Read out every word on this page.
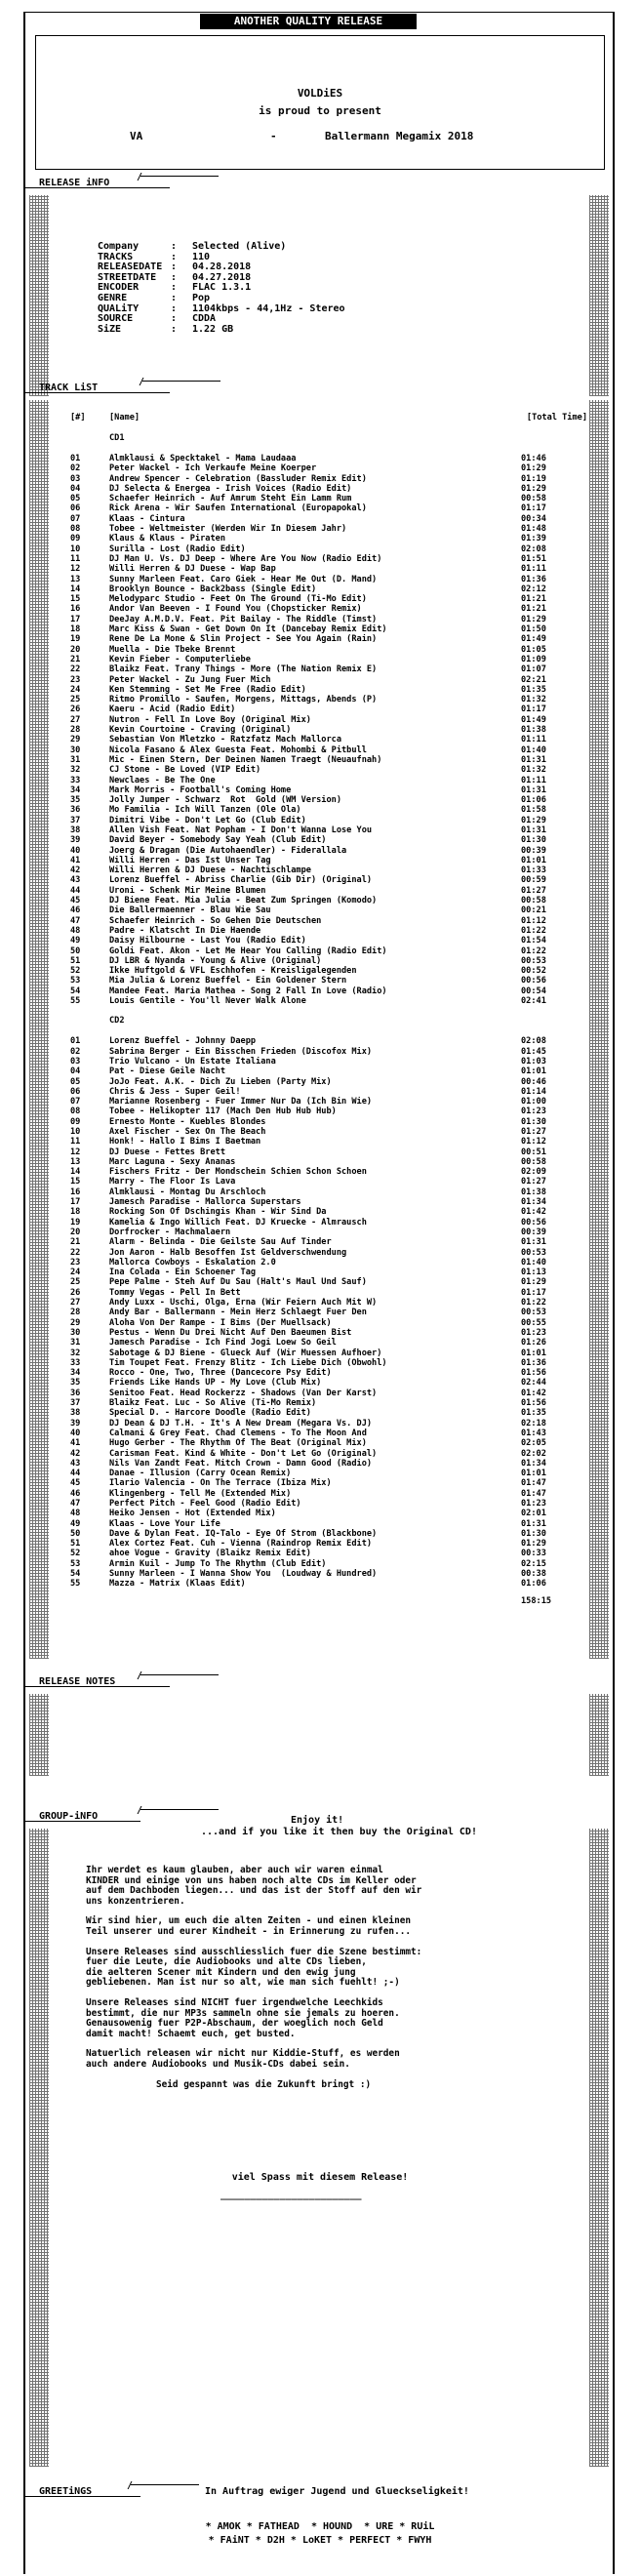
ANOTHER QUALITY RELEASE
VOLDiES
is proud to present
VA	-	Ballermann Megamix 2018
RELEASE iNFO
/
Company	: Selected (Alive)
TRACKS	: 110
RELEASEDATE : 04.28.2018
STREETDATE : 04.27.2018
ENCODER	: FLAC 1.3.1
GENRE	: Pop
QUALiTY	: 1104kbps - 44,1Hz - Stereo
SOURCE	: CDDA
SiZE	: 1.22 GB
TRACK LiST
/
[#]	[Name]	[Total Time]
CD1
01	Almklausi & Specktakel - Mama Laudaaa	01:46
02	Peter Wackel - Ich Verkaufe Meine Koerper	01:29
03	Andrew Spencer - Celebration (Bassluder Remix Edit)	01:19
04	DJ Selecta & Energea - Irish Voices (Radio Edit)	01:29
05	Schaefer Heinrich - Auf Amrum Steht Ein Lamm Rum	00:58
06	Rick Arena - Wir Saufen International (Europapokal)	01:17
07	Klaas - Cintura	00:34
08	Tobee - Weltmeister (Werden Wir In Diesem Jahr)	01:48
09	Klaus & Klaus - Piraten	01:39
10	Surilla - Lost (Radio Edit)	02:08
11	DJ Man U. Vs. DJ Deep - Where Are You Now (Radio Edit)	01:51
12	Willi Herren & DJ Duese - Wap Bap	01:11
13	Sunny Marleen Feat. Caro Giek - Hear Me Out (D. Mand)	01:36
14	Brooklyn Bounce - Back2bass (Single Edit)	02:12
15	Melodyparc Studio - Feet On The Ground (Ti-Mo Edit)	01:21
16	Andor Van Beeven - I Found You (Chopsticker Remix)	01:21
17	DeeJay A.M.D.V. Feat. Pit Bailay - The Riddle (Timst)	01:29
18	Marc Kiss & Swan - Get Down On It (Dancebay Remix Edit)	01:50
19	Rene De La Mone & Slin Project - See You Again (Rain)	01:49
20	Muella - Die Tbeke Brennt	01:05
21	Kevin Fieber - Computerliebe	01:09
22	Blaikz Feat. Trany Things - More (The Nation Remix E)	01:07
23	Peter Wackel - Zu Jung Fuer Mich	02:21
24	Ken Stemming - Set Me Free (Radio Edit)	01:35
25	Ritmo Promillo - Saufen, Morgens, Mittags, Abends (P)	01:32
26	Kaeru - Acid (Radio Edit)	01:17
27	Nutron - Fell In Love Boy (Original Mix)	01:49
28	Kevin Courtoine - Craving (Original)	01:38
29	Sebastian Von Mletzko - Ratzfatz Mach Mallorca	01:11
30	Nicola Fasano & Alex Guesta Feat. Mohombi & Pitbull	01:40
31	Mic - Einen Stern, Der Deinen Namen Traegt (Neuaufnah)	01:31
32	CJ Stone - Be Loved (VIP Edit)	01:32
33	Newclaes - Be The One	01:11
34	Mark Morris - Football's Coming Home	01:31
35	Jolly Jumper - Schwarz  Rot  Gold (WM Version)	01:06
36	Mo Familia - Ich Will Tanzen (Ole Ola)	01:58
37	Dimitri Vibe - Don't Let Go (Club Edit)	01:29
38	Allen Vish Feat. Nat Popham - I Don't Wanna Lose You	01:31
39	David Beyer - Somebody Say Yeah (Club Edit)	01:30
40	Joerg & Dragan (Die Autohaendler) - Fiderallala	00:39
41	Willi Herren - Das Ist Unser Tag	01:01
42	Willi Herren & DJ Duese - Nachtischlampe	01:33
43	Lorenz Bueffel - Abriss Charlie (Gib Dir) (Original)	00:59
44	Uroni - Schenk Mir Meine Blumen	01:27
45	DJ Biene Feat. Mia Julia - Beat Zum Springen (Komodo)	00:58
46	Die Ballermaenner - Blau Wie Sau	00:21
47	Schaefer Heinrich - So Gehen Die Deutschen	01:12
48	Padre - Klatscht In Die Haende	01:22
49	Daisy Hilbourne - Last You (Radio Edit)	01:54
50	Goldi Feat. Akon - Let Me Hear You Calling (Radio Edit)	01:22
51	DJ LBR & Nyanda - Young & Alive (Original)	00:53
52	Ikke Huftgold & VFL Eschhofen - Kreisligalegenden	00:52
53	Mia Julia & Lorenz Bueffel - Ein Goldener Stern	00:56
54	Mandee Feat. Maria Mathea - Song 2 Fall In Love (Radio)	00:54
55	Louis Gentile - You'll Never Walk Alone	02:41
CD2
01	Lorenz Bueffel - Johnny Daepp	02:08
02	Sabrina Berger - Ein Bisschen Frieden (Discofox Mix)	01:45
03	Trio Vulcano - Un Estate Italiana	01:03
04	Pat - Diese Geile Nacht	01:01
05	JoJo Feat. A.K. - Dich Zu Lieben (Party Mix)	00:46
06	Chris & Jess - Super Geil!	01:14
07	Marianne Rosenberg - Fuer Immer Nur Da (Ich Bin Wie)	01:00
08	Tobee - Helikopter 117 (Mach Den Hub Hub Hub)	01:23
09	Ernesto Monte - Kuebles Blondes	01:30
10	Axel Fischer - Sex On The Beach	01:27
11	Honk! - Hallo I Bims I Baetman	01:12
12	DJ Duese - Fettes Brett	00:51
13	Marc Laguna - Sexy Ananas	00:58
14	Fischers Fritz - Der Mondschein Schien Schon Schoen	02:09
15	Marry - The Floor Is Lava	01:27
16	Almklausi - Montag Du Arschloch	01:38
17	Jamesch Paradise - Mallorca Superstars	01:34
18	Rocking Son Of Dschingis Khan - Wir Sind Da	01:42
19	Kamelia & Ingo Willich Feat. DJ Kruecke - Almrausch	00:56
20	Dorfrocker - Machmalaern	00:39
21	Alarm - Belinda - Die Geilste Sau Auf Tinder	01:31
22	Jon Aaron - Halb Besoffen Ist Geldverschwendung	00:53
23	Mallorca Cowboys - Eskalation 2.0	01:40
24	Ina Colada - Ein Schoener Tag	01:13
25	Pepe Palme - Steh Auf Du Sau (Halt's Maul Und Sauf)	01:29
26	Tommy Vegas - Pell In Bett	01:17
27	Andy Luxx - Uschi, Olga, Erna (Wir Feiern Auch Mit W)	01:22
28	Andy Bar - Ballermann - Mein Herz Schlaegt Fuer Den	00:53
29	Aloha Von Der Rampe - I Bims (Der Muellsack)	00:55
30	Pestus - Wenn Du Drei Nicht Auf Den Baeumen Bist	01:23
31	Jamesch Paradise - Ich Find Jogi Loew So Geil	01:26
32	Sabotage & DJ Biene - Glueck Auf (Wir Muessen Aufhoer)	01:01
33	Tim Toupet Feat. Frenzy Blitz - Ich Liebe Dich (Obwohl)	01:36
34	Rocco - One, Two, Three (Dancecore Psy Edit)	01:56
35	Friends Like Hands UP - My Love (Club Mix)	02:44
36	Senitoo Feat. Head Rockerzz - Shadows (Van Der Karst)	01:42
37	Blaikz Feat. Luc - So Alive (Ti-Mo Remix)	01:56
38	Special D. - Harcore Doodle (Radio Edit)	01:35
39	DJ Dean & DJ T.H. - It's A New Dream (Megara Vs. DJ)	02:18
40	Calmani & Grey Feat. Chad Clemens - To The Moon And	01:43
41	Hugo Gerber - The Rhythm Of The Beat (Original Mix)	02:05
42	Carisman Feat. Kind & White - Don't Let Go (Original)	02:02
43	Nils Van Zandt Feat. Mitch Crown - Damn Good (Radio)	01:34
44	Danae - Illusion (Carry Ocean Remix)	01:01
45	Ilario Valencia - On The Terrace (Ibiza Mix)	01:47
46	Klingenberg - Tell Me (Extended Mix)	01:47
47	Perfect Pitch - Feel Good (Radio Edit)	01:23
48	Heiko Jensen - Hot (Extended Mix)	02:01
49	Klaas - Love Your Life	01:31
50	Dave & Dylan Feat. IQ-Talo - Eye Of Strom (Blackbone)	01:30
51	Alex Cortez Feat. Cuh - Vienna (Raindrop Remix Edit)	01:29
52	ahoe Vogue - Gravity (Blaikz Remix Edit)	00:33
53	Armin Kuil - Jump To The Rhythm (Club Edit)	02:15
54	Sunny Marleen - I Wanna Show You  (Loudway & Hundred)	00:38
55	Mazza - Matrix (Klaas Edit)	01:06
158:15
RELEASE NOTES
/
GROUP-iNFO
/
Enjoy it!
...and if you like it then buy the Original CD!

Ihr werdet es kaum glauben, aber auch wir waren einmal
KINDER und einige von uns haben noch alte CDs im Keller oder
auf dem Dachboden liegen... und das ist der Stoff auf den wir
uns konzentrieren.

Wir sind hier, um euch die alten Zeiten - und einen kleinen
Teil unserer und eurer Kindheit - in Erinnerung zu rufen...

Unsere Releases sind ausschliesslich fuer die Szene bestimmt:
fuer die Leute, die Audiobooks und alte CDs lieben,
die aelteren Scener mit Kindern und den ewig jung
gebliebenen. Man ist nur so alt, wie man sich fuehlt! ;-)

Unsere Releases sind NICHT fuer irgendwelche Leechkids
bestimmt, die nur MP3s sammeln ohne sie jemals zu hoeren.
Genausowenig fuer P2P-Abschaum, der woeglich noch Geld
damit macht! Schaemt euch, get busted.

Natuerlich releasen wir nicht nur Kiddie-Stuff, es werden
auch andere Audiobooks und Musik-CDs dabei sein.

Seid gespannt was die Zukunft bringt :)

viel Spass mit diesem Release!
________________________
GREETiNGS
/
In Auftrag ewiger Jugend und Glueckseligkeit!
* AMOK * FATHEAD  * HOUND  * URE * RUiL
* FAiNT * D2H * LoKET * PERFECT * FWYH
